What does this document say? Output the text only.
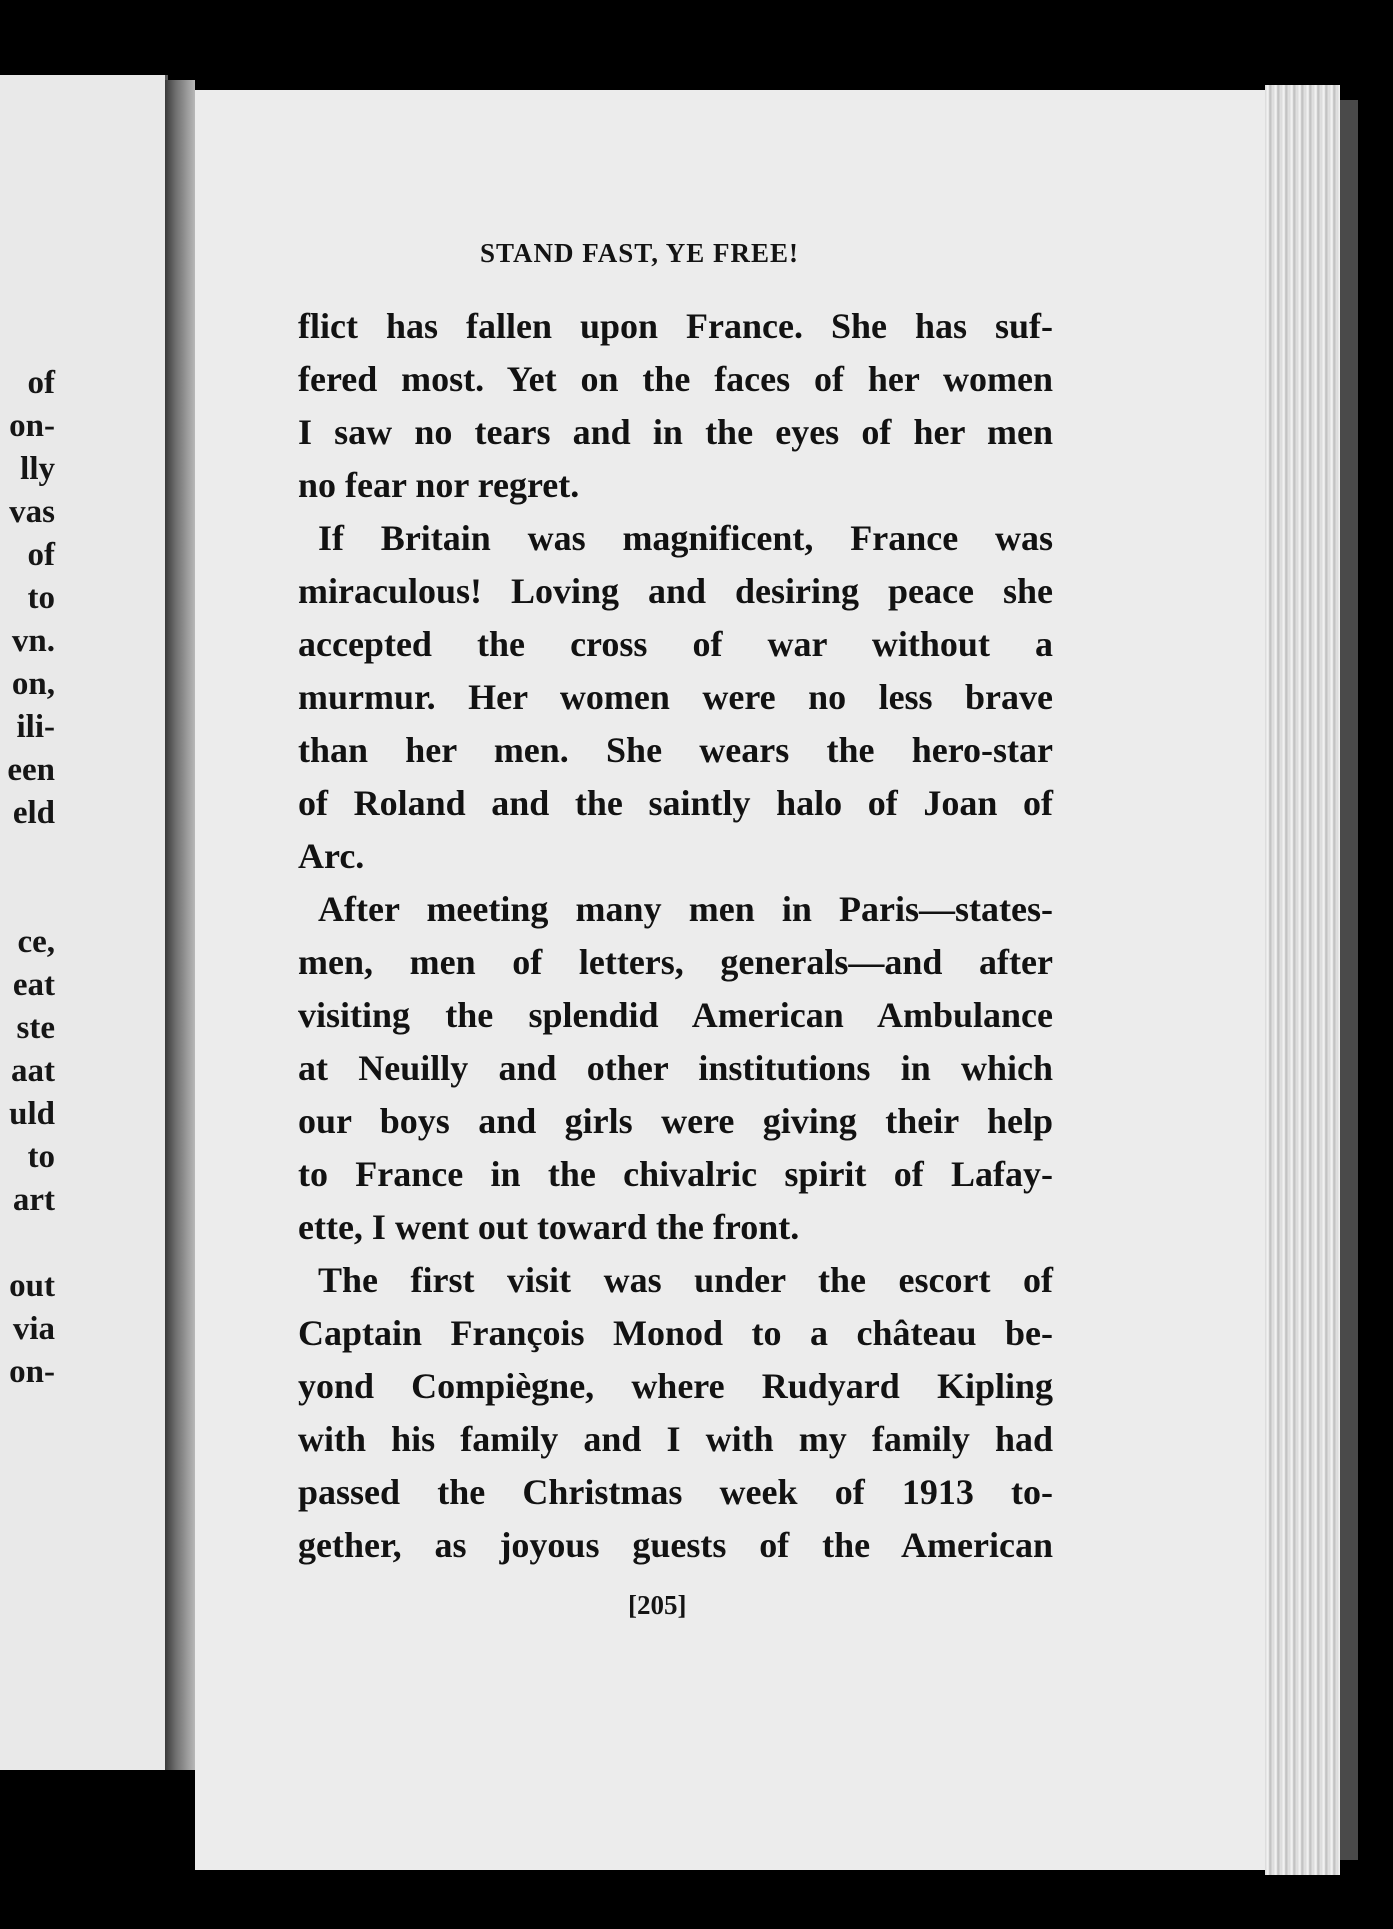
of
on-
lly
vas
of
to
vn.
on,
ili-
een
eld
ce,
eat
ste
aat
uld
to
art
out
via
on-
STAND FAST, YE FREE!
flict has fallen upon France. She has suf-
fered most. Yet on the faces of her women
I saw no tears and in the eyes of her men
no fear nor regret.
If Britain was magnificent, France was
miraculous! Loving and desiring peace she
accepted the cross of war without a
murmur. Her women were no less brave
than her men. She wears the hero-star
of Roland and the saintly halo of Joan of
Arc.
After meeting many men in Paris—states-
men, men of letters, generals—and after
visiting the splendid American Ambulance
at Neuilly and other institutions in which
our boys and girls were giving their help
to France in the chivalric spirit of Lafay-
ette, I went out toward the front.
The first visit was under the escort of
Captain François Monod to a château be-
yond Compiègne, where Rudyard Kipling
with his family and I with my family had
passed the Christmas week of 1913 to-
gether, as joyous guests of the American
[205]
